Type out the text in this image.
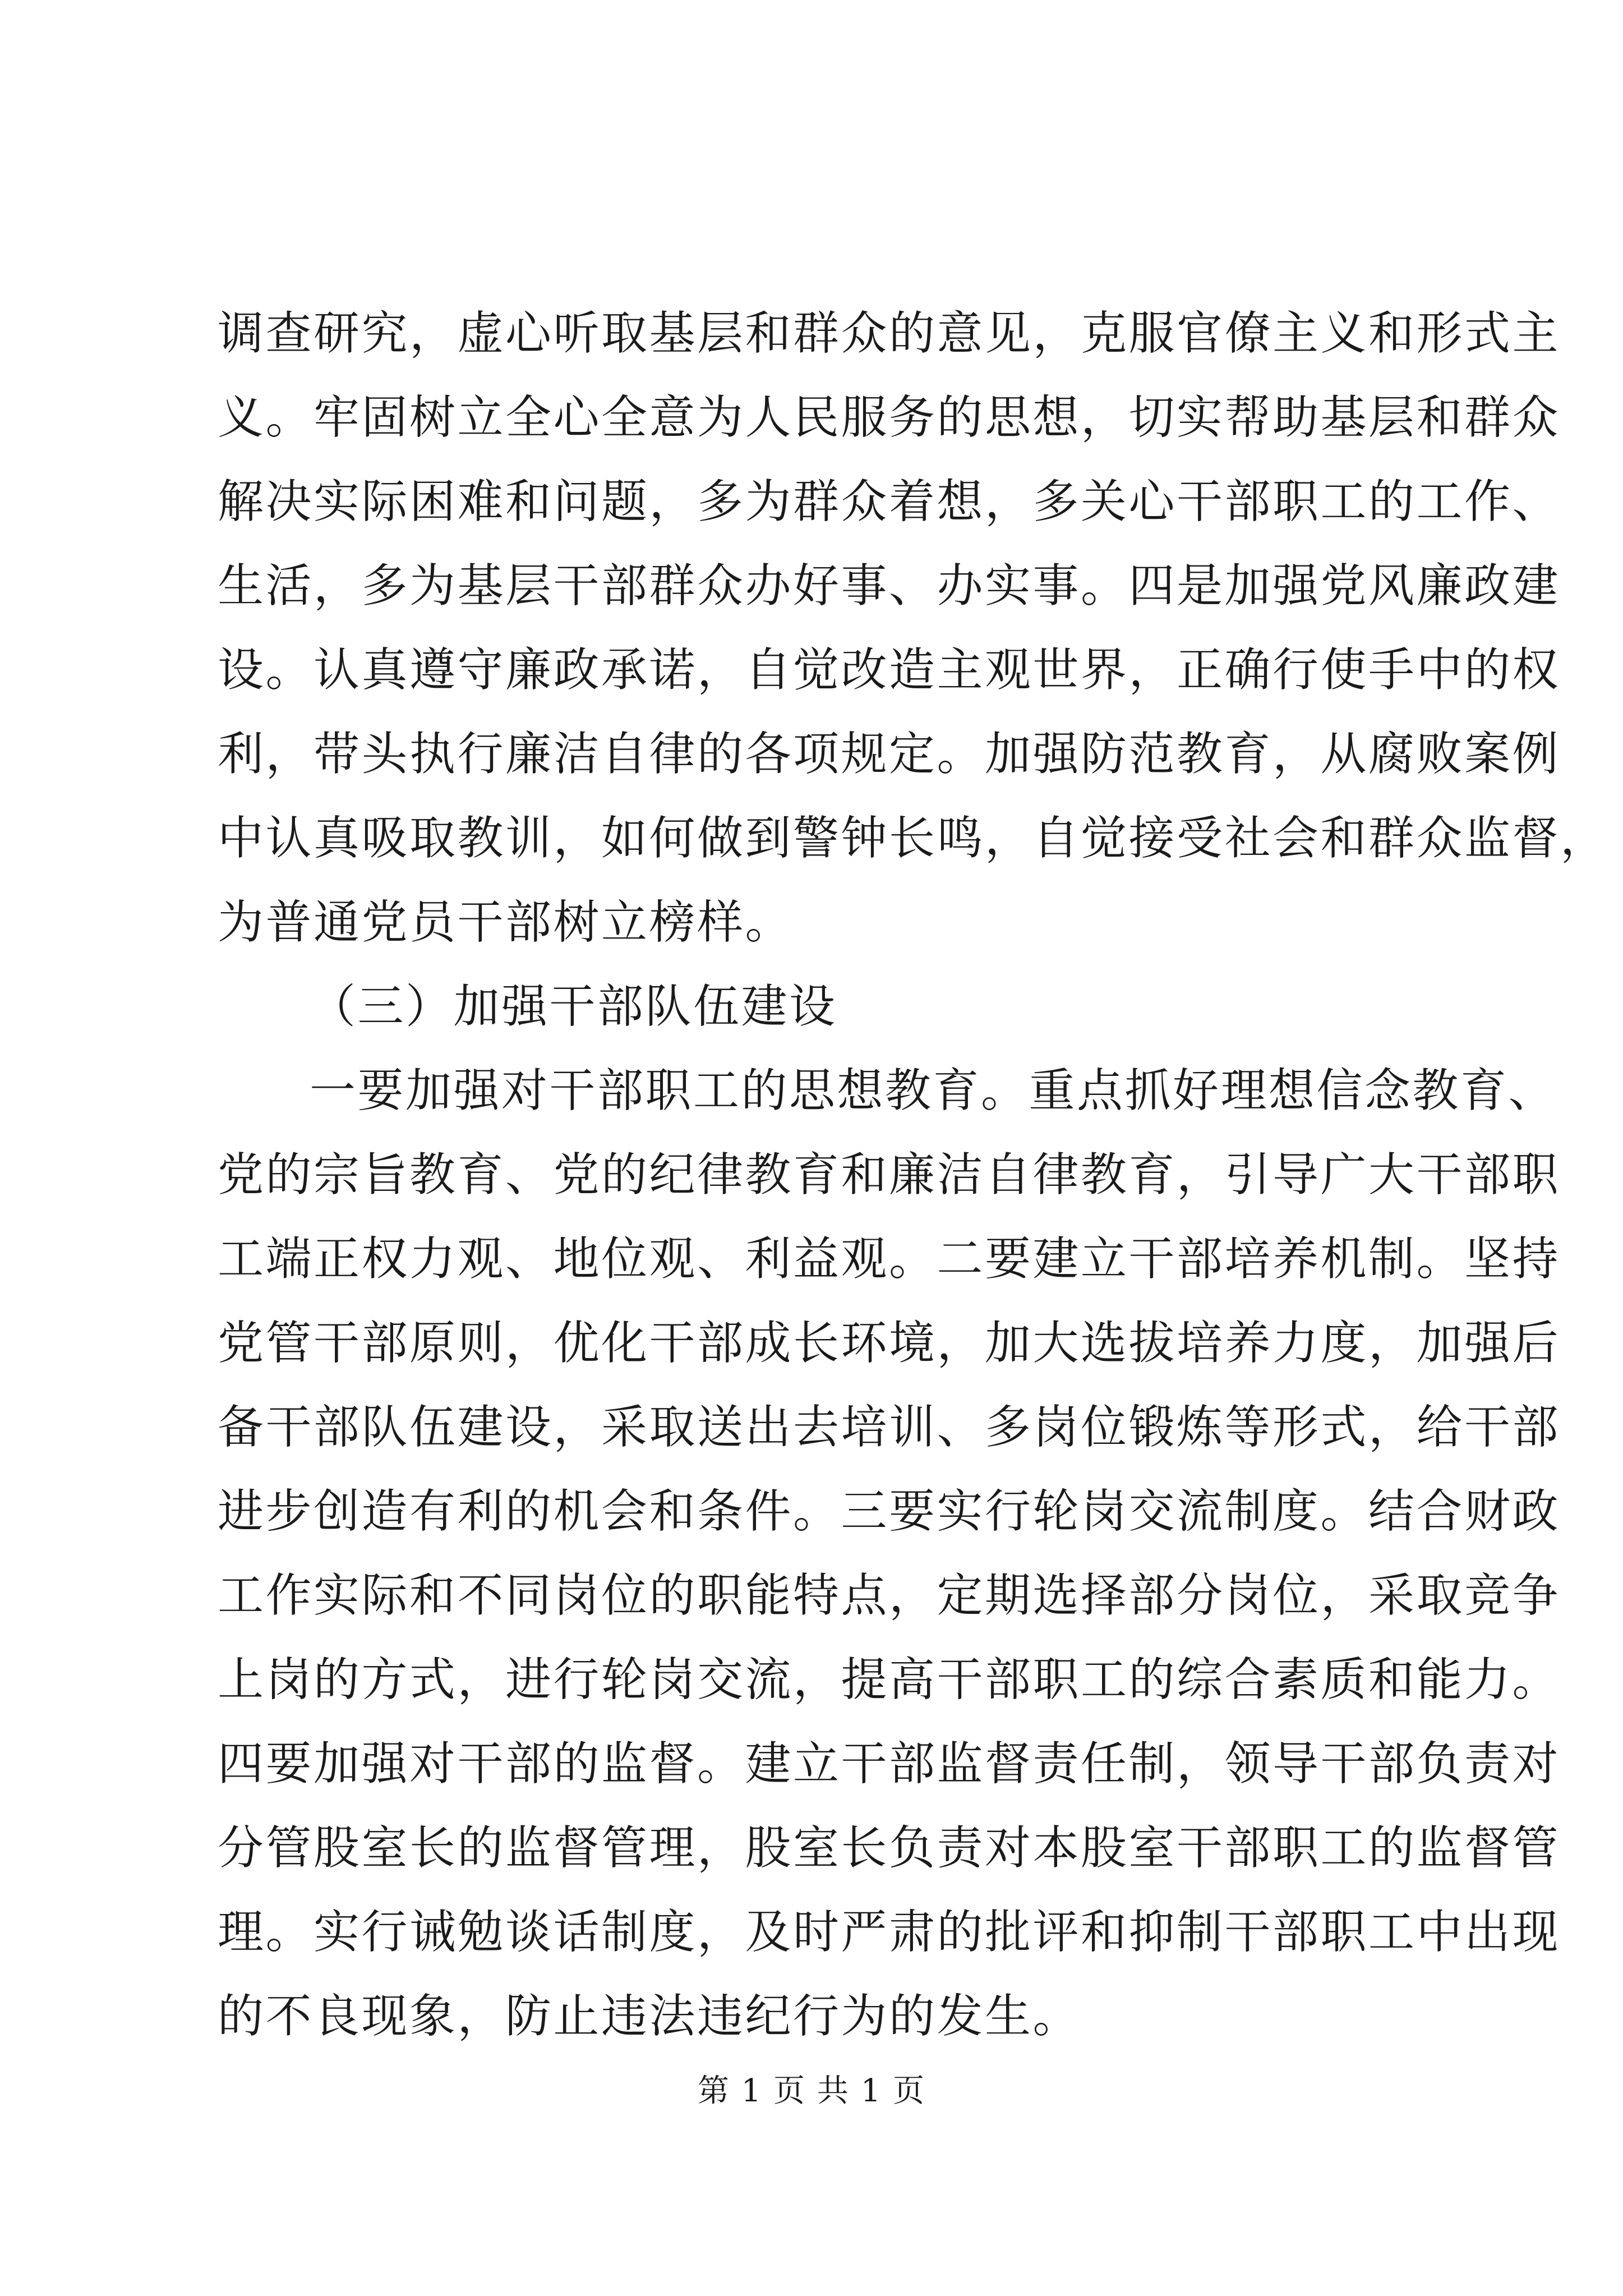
调查研究，虚心听取基层和群众的意见，克服官僚主义和形式主
义。牢固树立全心全意为人民服务的思想，切实帮助基层和群众
解决实际困难和问题，多为群众着想，多关心干部职工的工作、
生活，多为基层干部群众办好事、办实事。四是加强党风廉政建
设。认真遵守廉政承诺，自觉改造主观世界，正确行使手中的权
利，带头执行廉洁自律的各项规定。加强防范教育，从腐败案例
中认真吸取教训，如何做到警钟长鸣，自觉接受社会和群众监督，
为普通党员干部树立榜样。
（三）加强干部队伍建设
一要加强对干部职工的思想教育。重点抓好理想信念教育、
党的宗旨教育、党的纪律教育和廉洁自律教育，引导广大干部职
工端正权力观、地位观、利益观。二要建立干部培养机制。坚持
党管干部原则，优化干部成长环境，加大选拔培养力度，加强后
备干部队伍建设，采取送出去培训、多岗位锻炼等形式，给干部
进步创造有利的机会和条件。三要实行轮岗交流制度。结合财政
工作实际和不同岗位的职能特点，定期选择部分岗位，采取竞争
上岗的方式，进行轮岗交流，提高干部职工的综合素质和能力。
四要加强对干部的监督。建立干部监督责任制，领导干部负责对
分管股室长的监督管理，股室长负责对本股室干部职工的监督管
理。实行诫勉谈话制度，及时严肃的批评和抑制干部职工中出现
的不良现象，防止违法违纪行为的发生。
第 1 页 共 1 页
